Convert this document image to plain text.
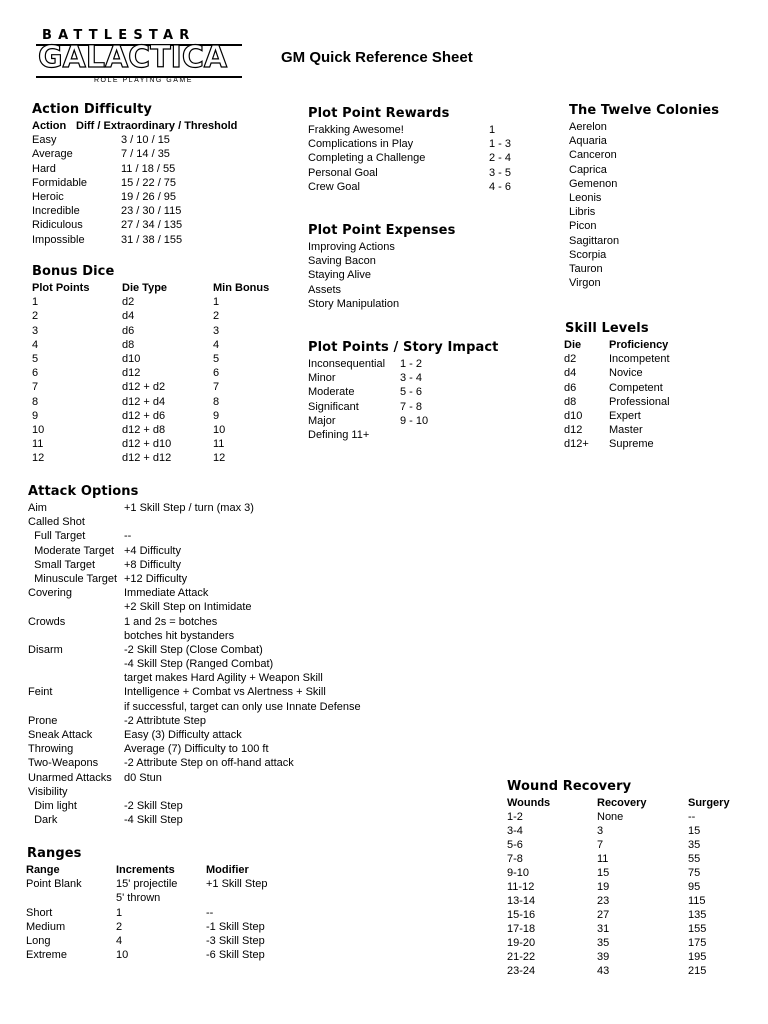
BATTLESTAR
GALACTICA
ROLE PLAYING GAME
GM Quick Reference Sheet
Action Difficulty
Action Diff / Extraordinary / Threshold
Easy	3 / 10 / 15
Average	7 / 14 / 35
Hard	11 / 18 / 55
Formidable	15 / 22 / 75
Heroic	19 / 26 / 95
Incredible	23 / 30 / 115
Ridiculous	27 / 34 / 135
Impossible	31 / 38 / 155
Bonus Dice
Plot Points	Die Type	Min Bonus
1	d2	1
2	d4	2
3	d6	3
4	d8	4
5	d10	5
6	d12	6
7	d12 + d2	7
8	d12 + d4	8
9	d12 + d6	9
10	d12 + d8	10
11	d12 + d10	11
12	d12 + d12	12
Plot Point Rewards
Frakking Awesome!	1
Complications in Play	1 - 3
Completing a Challenge	2 - 4
Personal Goal	3 - 5
Crew Goal	4 - 6
Plot Point Expenses
Improving Actions
Saving Bacon
Staying Alive
Assets
Story Manipulation
Plot Points / Story Impact
Inconsequential 1 - 2
Minor	3 - 4
Moderate	5 - 6
Significant	7 - 8
Major	9 - 10
Defining 11+
The Twelve Colonies
Aerelon
Aquaria
Canceron
Caprica
Gemenon
Leonis
Libris
Picon
Sagittaron
Scorpia
Tauron
Virgon
Skill Levels
Die	Proficiency
d2	Incompetent
d4	Novice
d6	Competent
d8	Professional
d10 Expert
d12 Master
d12+ Supreme
Attack Options
Aim	+1 Skill Step / turn (max 3)
Called Shot
Full Target	--
Moderate Target +4 Difficulty
Small Target	+8 Difficulty
Minuscule Target +12 Difficulty
Covering	Immediate Attack
+2 Skill Step on Intimidate
Crowds	1 and 2s = botches
botches hit bystanders
Disarm	-2 Skill Step (Close Combat)
-4 Skill Step (Ranged Combat)
target makes Hard Agility + Weapon Skill
Feint	Intelligence + Combat vs Alertness + Skill
if successful, target can only use Innate Defense
Prone	-2 Attribtute Step
Sneak Attack	Easy (3) Difficulty attack
Throwing	Average (7) Difficulty to 100 ft
Two-Weapons -2 Attribute Step on off-hand attack
Unarmed Attacks d0 Stun
Visibility
Dim light	-2 Skill Step
Dark	-4 Skill Step
Ranges
Range	Increments	Modifier
Point Blank	15' projectile	+1 Skill Step
5' thrown
Short	1	--
Medium	2	-1 Skill Step
Long	4	-3 Skill Step
Extreme	10	-6 Skill Step
Wound Recovery
Wounds	Recovery	Surgery
1-2	None	--
3-4	3	15
5-6	7	35
7-8	11	55
9-10	15	75
11-12	19	95
13-14	23	115
15-16	27	135
17-18	31	155
19-20	35	175
21-22	39	195
23-24	43	215
